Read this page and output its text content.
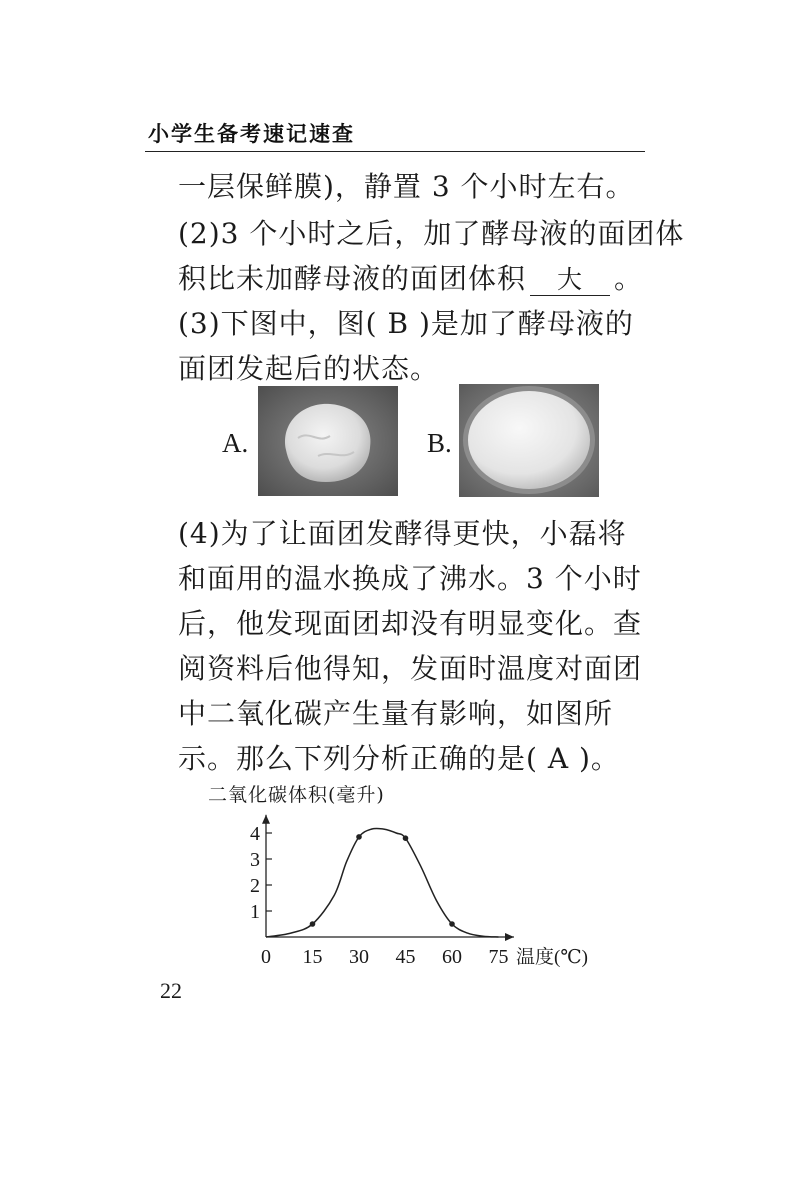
小学生备考速记速查
一层保鲜膜)，静置 3 个小时左右。
(2)3 个小时之后，加了酵母液的面团体
积比未加酵母液的面团体积 大 。
(3)下图中，图( B )是加了酵母液的
面团发起后的状态。
A.	B.
(4)为了让面团发酵得更快，小磊将
和面用的温水换成了沸水。3 个小时
后，他发现面团却没有明显变化。查
阅资料后他得知，发面时温度对面团
中二氧化碳产生量有影响，如图所
示。那么下列分析正确的是( A )。
二氧化碳体积(毫升)
1
2
3
4
0 15 30 45 60 75 温度(℃)
22
